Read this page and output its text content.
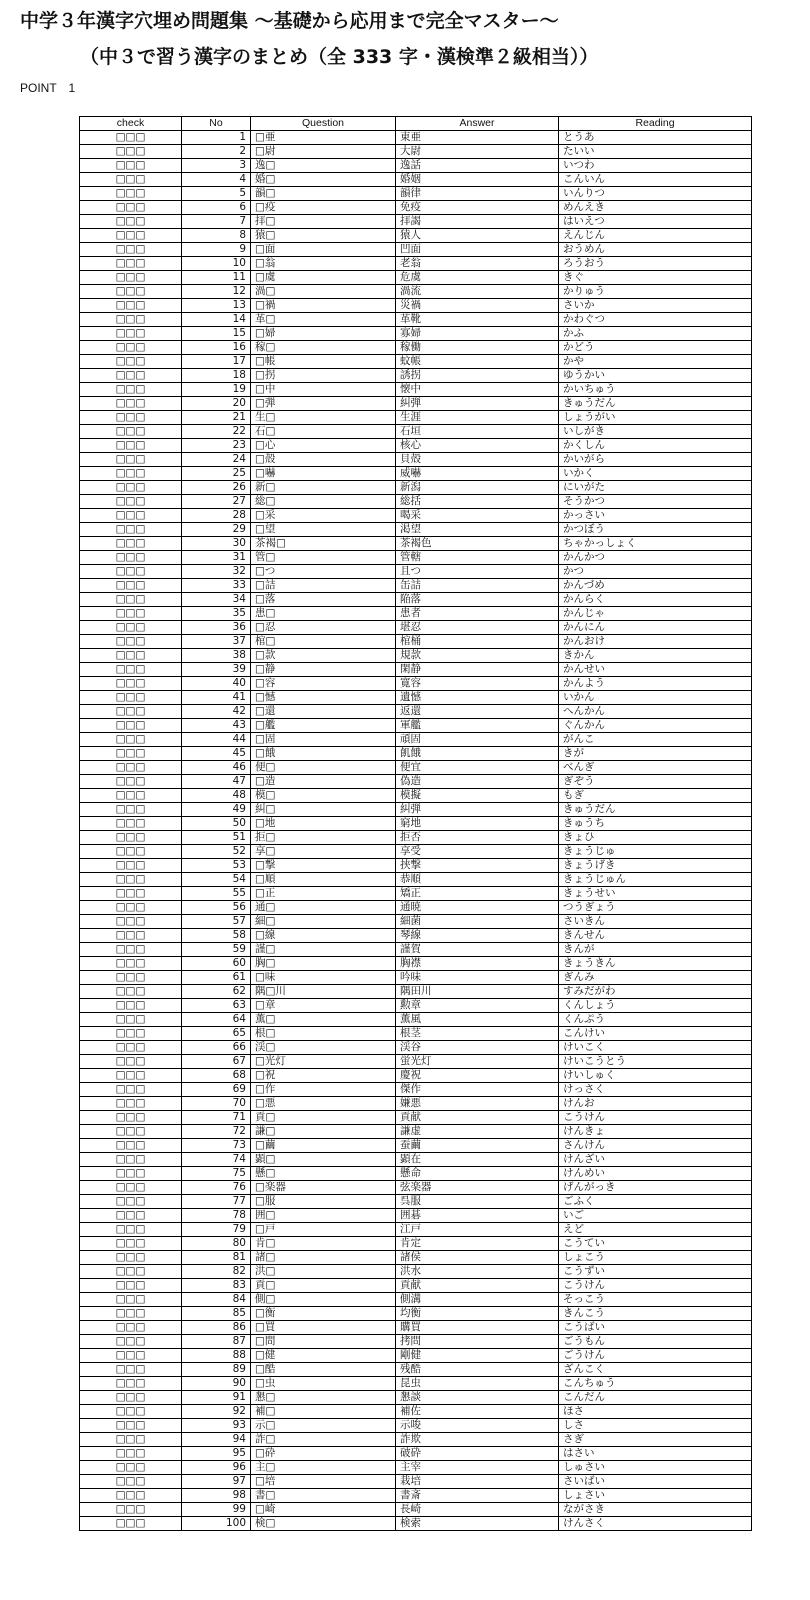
中学３年漢字穴埋め問題集 〜基礎から応用まで完全マスター〜
（中３で習う漢字のまとめ（全 333 字・漢検準２級相当））
POINT　1
check	No	Question	Answer	Reading
□□□	1	□亜	東亜	とうあ
□□□	2	□尉	大尉	たいい
□□□	3	逸□	逸話	いつわ
□□□	4	婚□	婚姻	こんいん
□□□	5	韻□	韻律	いんりつ
□□□	6	□疫	免疫	めんえき
□□□	7	拝□	拝謁	はいえつ
□□□	8	猿□	猿人	えんじん
□□□	9	□面	凹面	おうめん
□□□	10	□翁	老翁	ろうおう
□□□	11	□虞	危虞	きぐ
□□□	12	渦□	渦流	かりゅう
□□□	13	□禍	災禍	さいか
□□□	14	革□	革靴	かわぐつ
□□□	15	□婦	寡婦	かふ
□□□	16	稼□	稼働	かどう
□□□	17	□帳	蚊帳	かや
□□□	18	□拐	誘拐	ゆうかい
□□□	19	□中	懐中	かいちゅう
□□□	20	□弾	糾弾	きゅうだん
□□□	21	生□	生涯	しょうがい
□□□	22	石□	石垣	いしがき
□□□	23	□心	核心	かくしん
□□□	24	□殻	貝殻	かいがら
□□□	25	□嚇	威嚇	いかく
□□□	26	新□	新潟	にいがた
□□□	27	総□	総括	そうかつ
□□□	28	□采	喝采	かっさい
□□□	29	□望	渇望	かつぼう
□□□	30	茶褐□	茶褐色	ちゃかっしょく
□□□	31	管□	管轄	かんかつ
□□□	32	□つ	且つ	かつ
□□□	33	□詰	缶詰	かんづめ
□□□	34	□落	陥落	かんらく
□□□	35	患□	患者	かんじゃ
□□□	36	□忍	堪忍	かんにん
□□□	37	棺□	棺桶	かんおけ
□□□	38	□款	規款	きかん
□□□	39	□静	閑静	かんせい
□□□	40	□容	寛容	かんよう
□□□	41	□憾	遺憾	いかん
□□□	42	□還	返還	へんかん
□□□	43	□艦	軍艦	ぐんかん
□□□	44	□固	頑固	がんこ
□□□	45	□餓	飢餓	きが
□□□	46	便□	便宜	べんぎ
□□□	47	□造	偽造	ぎぞう
□□□	48	模□	模擬	もぎ
□□□	49	糾□	糾弾	きゅうだん
□□□	50	□地	窮地	きゅうち
□□□	51	拒□	拒否	きょひ
□□□	52	享□	享受	きょうじゅ
□□□	53	□撃	挟撃	きょうげき
□□□	54	□順	恭順	きょうじゅん
□□□	55	□正	矯正	きょうせい
□□□	56	通□	通暁	つうぎょう
□□□	57	細□	細菌	さいきん
□□□	58	□線	琴線	きんせん
□□□	59	謹□	謹賀	きんが
□□□	60	胸□	胸襟	きょうきん
□□□	61	□味	吟味	ぎんみ
□□□	62	隅□川	隅田川	すみだがわ
□□□	63	□章	勲章	くんしょう
□□□	64	薫□	薫風	くんぷう
□□□	65	根□	根茎	こんけい
□□□	66	渓□	渓谷	けいこく
□□□	67	□光灯	蛍光灯	けいこうとう
□□□	68	□祝	慶祝	けいしゅく
□□□	69	□作	傑作	けっさく
□□□	70	□悪	嫌悪	けんお
□□□	71	貢□	貢献	こうけん
□□□	72	謙□	謙虚	けんきょ
□□□	73	□繭	蚕繭	さんけん
□□□	74	顕□	顕在	けんざい
□□□	75	懸□	懸命	けんめい
□□□	76	□楽器	弦楽器	げんがっき
□□□	77	□服	呉服	ごふく
□□□	78	囲□	囲碁	いご
□□□	79	□戸	江戸	えど
□□□	80	肯□	肯定	こうてい
□□□	81	諸□	諸侯	しょこう
□□□	82	洪□	洪水	こうずい
□□□	83	貢□	貢献	こうけん
□□□	84	側□	側溝	そっこう
□□□	85	□衡	均衡	きんこう
□□□	86	□買	購買	こうばい
□□□	87	□問	拷問	ごうもん
□□□	88	□健	剛健	ごうけん
□□□	89	□酷	残酷	ざんこく
□□□	90	□虫	昆虫	こんちゅう
□□□	91	懇□	懇談	こんだん
□□□	92	補□	補佐	ほさ
□□□	93	示□	示唆	しさ
□□□	94	詐□	詐欺	さぎ
□□□	95	□砕	破砕	はさい
□□□	96	主□	主宰	しゅさい
□□□	97	□培	栽培	さいばい
□□□	98	書□	書斎	しょさい
□□□	99	□崎	長崎	ながさき
□□□	100	検□	検索	けんさく
